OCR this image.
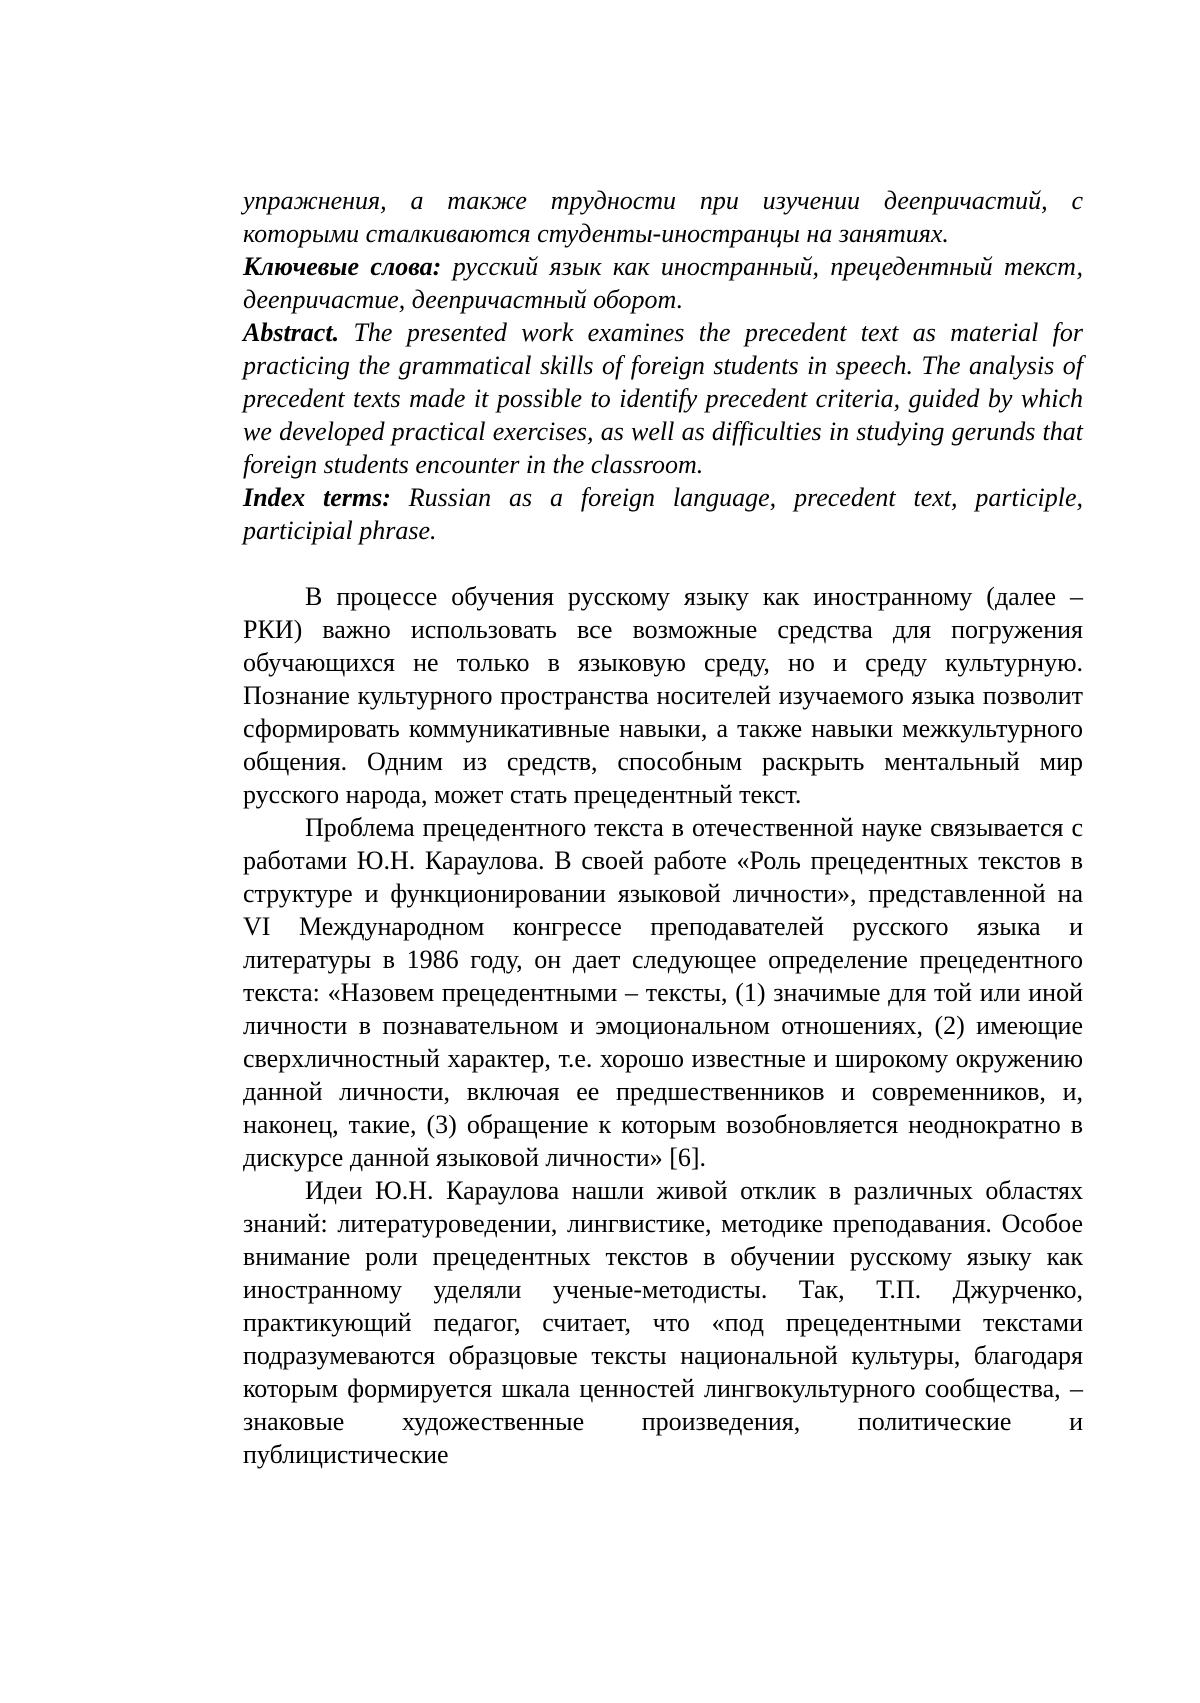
упражнения, а также трудности при изучении деепричастий, с которыми сталкиваются студенты-иностранцы на занятиях.

Ключевые слова: русский язык как иностранный, прецедентный текст, деепричастие, деепричастный оборот.

Abstract. The presented work examines the precedent text as material for practicing the grammatical skills of foreign students in speech. The analysis of precedent texts made it possible to identify precedent criteria, guided by which we developed practical exercises, as well as difficulties in studying gerunds that foreign students encounter in the classroom.

Index terms: Russian as a foreign language, precedent text, participle, participial phrase.

В процессе обучения русскому языку как иностранному (далее – РКИ) важно использовать все возможные средства для погружения обучающихся не только в языковую среду, но и среду культурную. Познание культурного пространства носителей изучаемого языка позволит сформировать коммуникативные навыки, а также навыки межкультурного общения. Одним из средств, способным раскрыть ментальный мир русского народа, может стать прецедентный текст.

Проблема прецедентного текста в отечественной науке связывается с работами Ю.Н. Караулова. В своей работе «Роль прецедентных текстов в структуре и функционировании языковой личности», представленной на VI Международном конгрессе преподавателей русского языка и литературы в 1986 году, он дает следующее определение прецедентного текста: «Назовем прецедентными – тексты, (1) значимые для той или иной личности в познавательном и эмоциональном отношениях, (2) имеющие сверхличностный характер, т.е. хорошо известные и широкому окружению данной личности, включая ее предшественников и современников, и, наконец, такие, (3) обращение к которым возобновляется неоднократно в дискурсе данной языковой личности» [6].

Идеи Ю.Н. Караулова нашли живой отклик в различных областях знаний: литературоведении, лингвистике, методике преподавания. Особое внимание роли прецедентных текстов в обучении русскому языку как иностранному уделяли ученые-методисты. Так, Т.П. Джурченко, практикующий педагог, считает, что «под прецедентными текстами подразумеваются образцовые тексты национальной культуры, благодаря которым формируется шкала ценностей лингвокультурного сообщества, – знаковые художественные произведения, политические и публицистические
